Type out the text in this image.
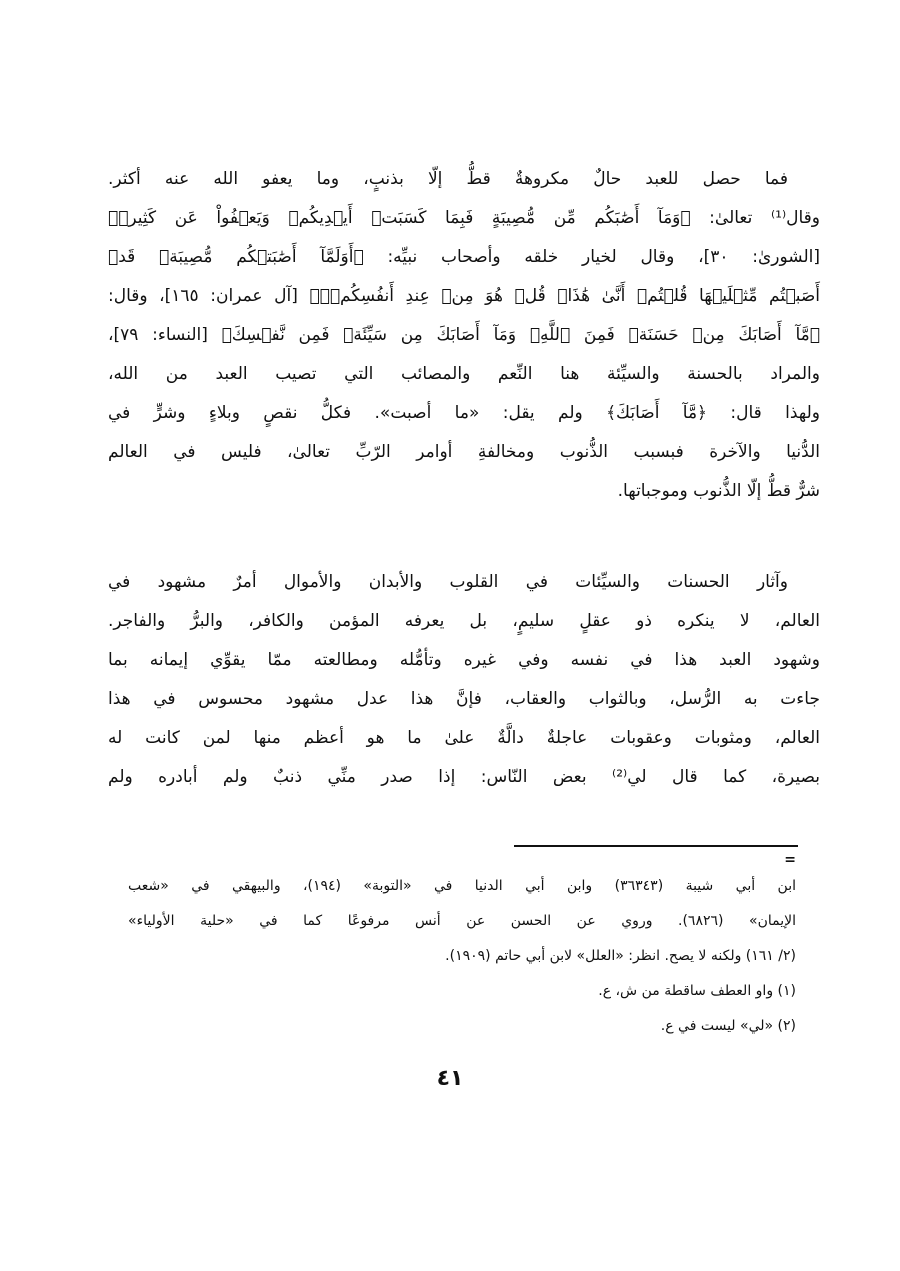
فما حصل للعبد حالٌ مكروهةٌ قطُّ إلّا بذنبٍ، وما يعفو الله عنه أكثر.
وقال⁽¹⁾ تعالىٰ: ﴿وَمَآ أَصَٰبَكُم مِّن مُّصِيبَةٍ فَبِمَا كَسَبَتۡ أَيۡدِيكُمۡ وَيَعۡفُواْ عَن كَثِيرٖ﴾
[الشورىٰ: ٣٠]، وقال لخيار خلقه وأصحاب نبيِّه: ﴿أَوَلَمَّآ أَصَٰبَتۡكُم مُّصِيبَةٞ قَدۡ
أَصَبۡتُم مِّثۡلَيۡهَا قُلۡتُمۡ أَنَّىٰ هَٰذَاۖ قُلۡ هُوَ مِنۡ عِندِ أَنفُسِكُمۡۗ﴾ [آل عمران: ١٦٥]، وقال:
﴿مَّآ أَصَابَكَ مِنۡ حَسَنَةٖ فَمِنَ ٱللَّهِۖ وَمَآ أَصَابَكَ مِن سَيِّئَةٖ فَمِن نَّفۡسِكَ﴾ [النساء: ٧٩]،
والمراد بالحسنة والسيِّئة هنا النِّعم والمصائب التي تصيب العبد من الله،
ولهذا قال: ﴿مَّآ أَصَابَكَ﴾ ولم يقل: «ما أصبت». فكلُّ نقصٍ وبلاءٍ وشرٍّ في
الدُّنيا والآخرة فبسبب الذُّنوب ومخالفةِ أوامر الرّبِّ تعالىٰ، فليس في العالم
شرٌّ قطُّ إلّا الذُّنوب وموجباتها.
وآثار الحسنات والسيِّئات في القلوب والأبدان والأموال أمرٌ مشهود في
العالم، لا ينكره ذو عقلٍ سليمٍ، بل يعرفه المؤمن والكافر، والبرُّ والفاجر.
وشهود العبد هذا في نفسه وفي غيره وتأمُّله ومطالعته ممّا يقوِّي إيمانه بما
جاءت به الرُّسل، وبالثواب والعقاب، فإنَّ هذا عدل مشهود محسوس في هذا
العالم، ومثوبات وعقوبات عاجلةٌ دالَّةٌ علىٰ ما هو أعظم منها لمن كانت له
بصيرة، كما قال لي⁽²⁾ بعض النّاس: إذا صدر منِّي ذنبٌ ولم أبادره ولم
=
ابن أبي شيبة (٣٦٣٤٣) وابن أبي الدنيا في «التوبة» (١٩٤)، والبيهقي في «شعب
الإيمان» (٦٨٢٦). وروي عن الحسن عن أنس مرفوعًا كما في «حلية الأولياء»
(٢/ ١٦١) ولكنه لا يصح. انظر: «العلل» لابن أبي حاتم (١٩٠٩).
(١) واو العطف ساقطة من ش، ع.
(٢) «لي» ليست في ع.
٤١
